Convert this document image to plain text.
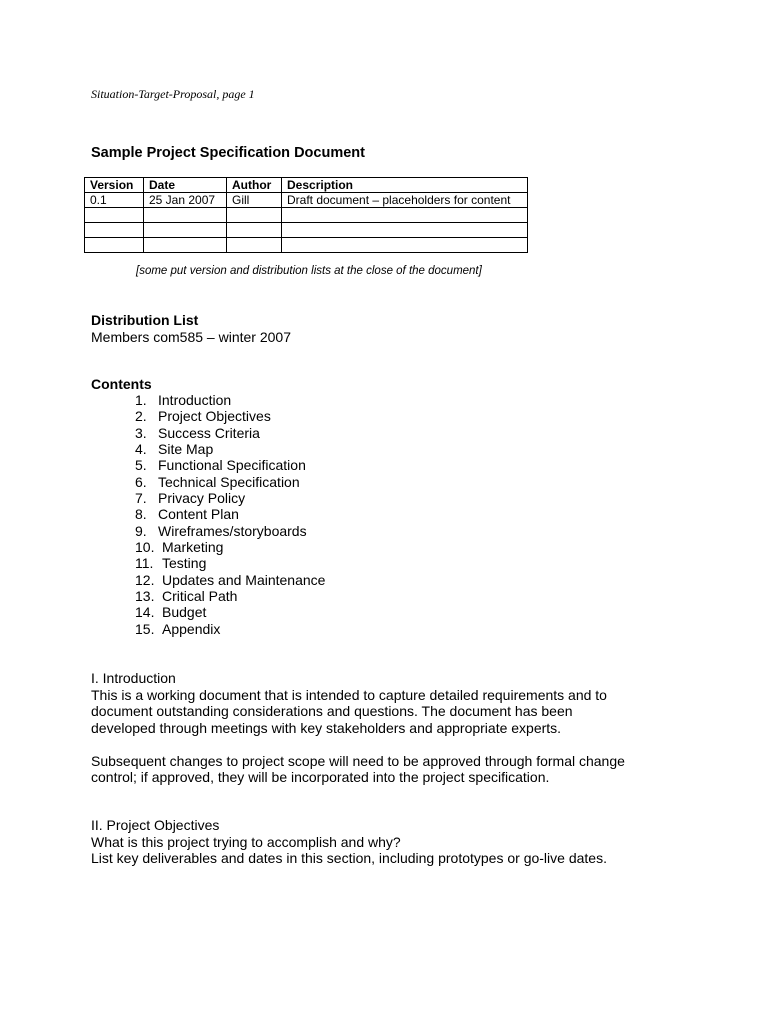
Situation-Target-Proposal, page 1
Sample Project Specification Document
Version	Date	Author	Description
0.1	25 Jan 2007	Gill	Draft document – placeholders for content

[some put version and distribution lists at the close of the document]
Distribution List
Members com585 – winter 2007
Contents
1. Introduction
2. Project Objectives
3. Success Criteria
4. Site Map
5. Functional Specification
6. Technical Specification
7. Privacy Policy
8. Content Plan
9. Wireframes/storyboards
10. Marketing
11. Testing
12. Updates and Maintenance
13. Critical Path
14. Budget
15. Appendix

I. Introduction

This is a working document that is intended to capture detailed requirements and to

document outstanding considerations and questions. The document has been

developed through meetings with key stakeholders and appropriate experts.

Subsequent changes to project scope will need to be approved through formal change

control; if approved, they will be incorporated into the project specification.

II. Project Objectives

What is this project trying to accomplish and why?

List key deliverables and dates in this section, including prototypes or go-live dates.
